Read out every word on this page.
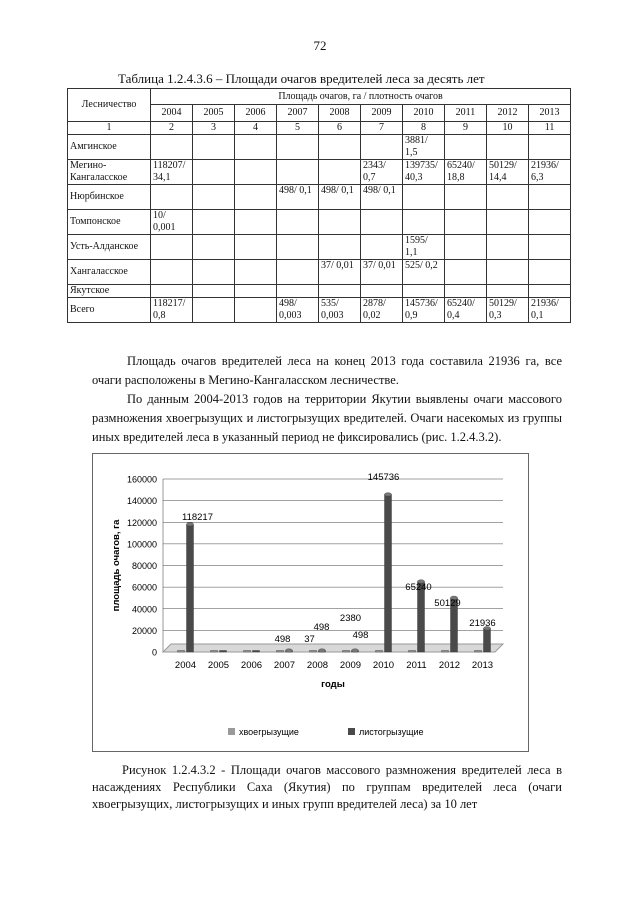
72
Таблица 1.2.4.3.6 – Площади очагов вредителей леса за десять лет
Лесничество	Площадь очагов, га / плотность очагов									
	2004	2005	2006	2007	2008	2009	2010	2011	2012	2013
1	2	3	4	5	6	7	8	9	10	11
Амгинское							3881/ 1,5			
Мегино-Кангаласское	118207/ 34,1					2343/ 0,7	139735/ 40,3	65240/ 18,8	50129/ 14,4	21936/ 6,3
Нюрбинское				498/ 0,1	498/ 0,1	498/ 0,1				
Томпонское	10/ 0,001									
Усть-Алданское							1595/ 1,1			
Хангаласское					37/ 0,01	37/ 0,01	525/ 0,2			
Якутское										
Всего	118217/ 0,8			498/ 0,003	535/ 0,003	2878/ 0,02	145736/ 0,9	65240/ 0,4	50129/ 0,3	21936/ 0,1
Площадь очагов вредителей леса на конец 2013 года составила 21936 га, все очаги расположены в Мегино-Кангаласском лесничестве.
По данным 2004-2013 годов на территории Якутии выявлены очаги массового размножения хвоегрызущих и листогрызущих вредителей. Очаги насекомых из группы иных вредителей леса в указанный период не фиксировались (рис. 1.2.4.3.2).
0
20000
40000
60000
80000
100000
120000
140000
160000
2004 2005 2006 2007 2008 2009 2010 2011 2012 2013
118217
498 37
498
2380
498
145736
65240
50129
21936
площадь очагов, га
годы
хвоегрызущие	листогрызущие
Рисунок 1.2.4.3.2 - Площади очагов массового размножения вредителей леса в насаждениях Республики Саха (Якутия) по группам вредителей леса (очаги хвоегрызущих, листогрызущих и иных групп вредителей леса) за 10 лет
